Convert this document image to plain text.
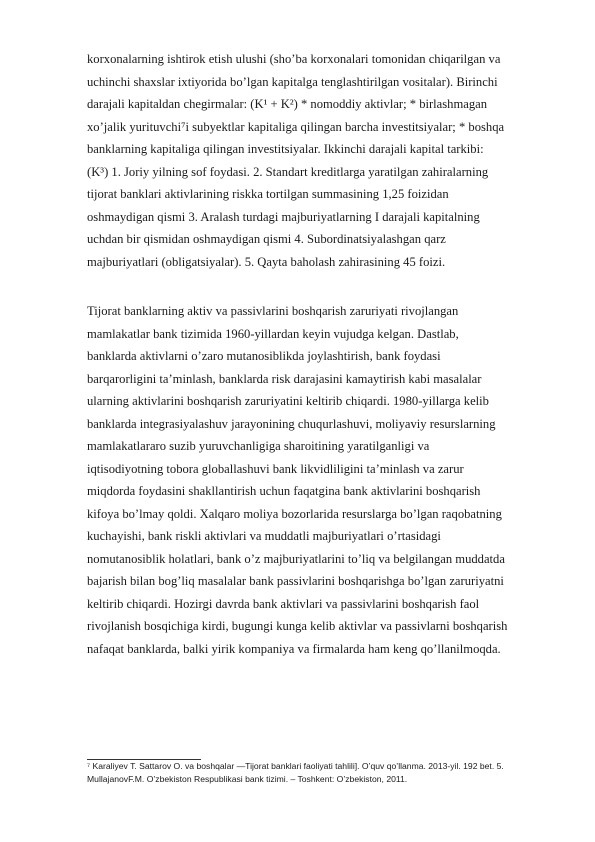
korxonalarning ishtirok etish ulushi (sho’ba korxonalari tomonidan chiqarilgan va
uchinchi shaxslar ixtiyorida bo’lgan kapitalga tenglashtirilgan vositalar). Birinchi
darajali kapitaldan chegirmalar: (K¹ + K²) * nomoddiy aktivlar; * birlashmagan
xo’jalik yurituvchi⁷i subyektlar kapitaliga qilingan barcha investitsiyalar; * boshqa
banklarning kapitaliga qilingan investitsiyalar. Ikkinchi darajali kapital tarkibi:
(K³) 1. Joriy yilning sof foydasi. 2. Standart kreditlarga yaratilgan zahiralarning
tijorat banklari aktivlarining riskka tortilgan summasining 1,25 foizidan
oshmaydigan qismi 3. Aralash turdagi majburiyatlarning I darajali kapitalning
uchdan bir qismidan oshmaydigan qismi 4. Subordinatsiyalashgan qarz
majburiyatlari (obligatsiyalar). 5. Qayta baholash zahirasining 45 foizi.
Tijorat banklarning aktiv va passivlarini boshqarish zaruriyati rivojlangan
mamlakatlar bank tizimida 1960-yillardan keyin vujudga kelgan. Dastlab,
banklarda aktivlarni o’zaro mutanosiblikda joylashtirish, bank foydasi
barqarorligini ta’minlash, banklarda risk darajasini kamaytirish kabi masalalar
ularning aktivlarini boshqarish zaruriyatini keltirib chiqardi. 1980-yillarga kelib
banklarda integrasiyalashuv jarayonining chuqurlashuvi, moliyaviy resurslarning
mamlakatlararo suzib yuruvchanligiga sharoitining yaratilganligi va
iqtisodiyotning tobora globallashuvi bank likvidliligini ta’minlash va zarur
miqdorda foydasini shakllantirish uchun faqatgina bank aktivlarini boshqarish
kifoya bo’lmay qoldi. Xalqaro moliya bozorlarida resurslarga bo’lgan raqobatning
kuchayishi, bank riskli aktivlari va muddatli majburiyatlari o’rtasidagi
nomutanosiblik holatlari, bank o’z majburiyatlarini to’liq va belgilangan muddatda
bajarish bilan bog’liq masalalar bank passivlarini boshqarishga bo’lgan zaruriyatni
keltirib chiqardi. Hozirgi davrda bank aktivlari va passivlarini boshqarish faol
rivojlanish bosqichiga kirdi, bugungi kunga kelib aktivlar va passivlarni boshqarish
nafaqat banklarda, balki yirik kompaniya va firmalarda ham keng qo’llanilmoqda.
⁷ Karaliyev T. Sattarov O. va boshqalar —Tijorat banklari faoliyati tahlili]. O’quv qo’llanma. 2013-yil. 192 bet. 5.
MullajanovF.M. O’zbekiston Respublikasi bank tizimi. – Toshkent: O’zbekiston, 2011.
